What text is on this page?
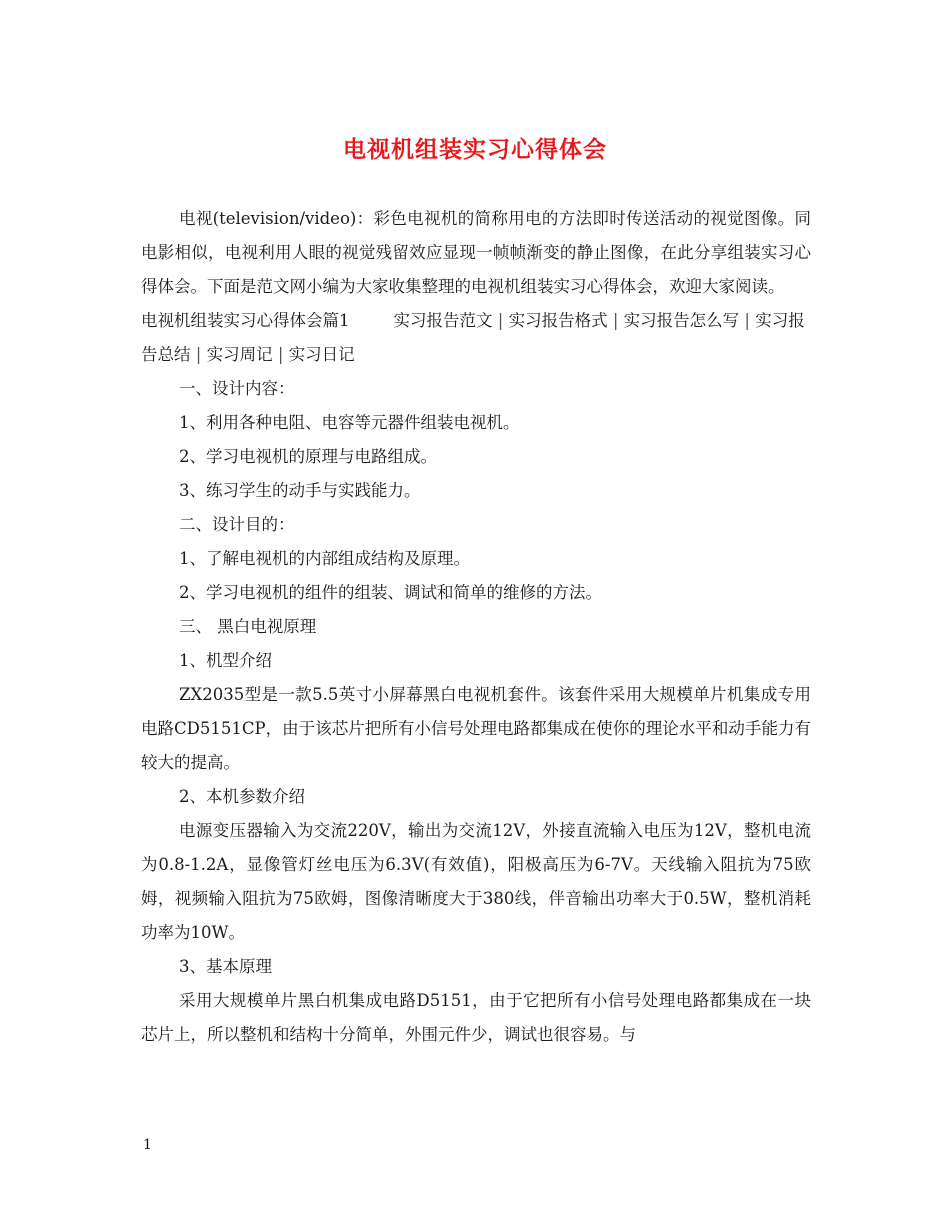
电视机组装实习心得体会

电视(television/video)：彩色电视机的简称用电的方法即时传送活动的视觉图像。同电影相似，电视利用人眼的视觉残留效应显现一帧帧渐变的静止图像，在此分享组装实习心得体会。下面是范文网小编为大家收集整理的电视机组装实习心得体会，欢迎大家阅读。

电视机组装实习心得体会篇1	实习报告范文 | 实习报告格式 | 实习报告怎么写 | 实习报告总结 | 实习周记 | 实习日记

一、设计内容：

1、利用各种电阻、电容等元器件组装电视机。

2、学习电视机的原理与电路组成。

3、练习学生的动手与实践能力。

二、设计目的：

1、了解电视机的内部组成结构及原理。

2、学习电视机的组件的组装、调试和简单的维修的方法。

三、 黑白电视原理

1、机型介绍

ZX2035型是一款5.5英寸小屏幕黑白电视机套件。该套件采用大规模单片机集成专用电路CD5151CP，由于该芯片把所有小信号处理电路都集成在使你的理论水平和动手能力有较大的提高。

2、本机参数介绍

电源变压器输入为交流220V，输出为交流12V，外接直流输入电压为12V，整机电流为0.8-1.2A，显像管灯丝电压为6.3V(有效值)，阳极高压为6-7V。天线输入阻抗为75欧姆，视频输入阻抗为75欧姆，图像清晰度大于380线，伴音输出功率大于0.5W，整机消耗功率为10W。

3、基本原理

采用大规模单片黑白机集成电路D5151，由于它把所有小信号处理电路都集成在一块芯片上，所以整机和结构十分简单，外围元件少，调试也很容易。与

1
